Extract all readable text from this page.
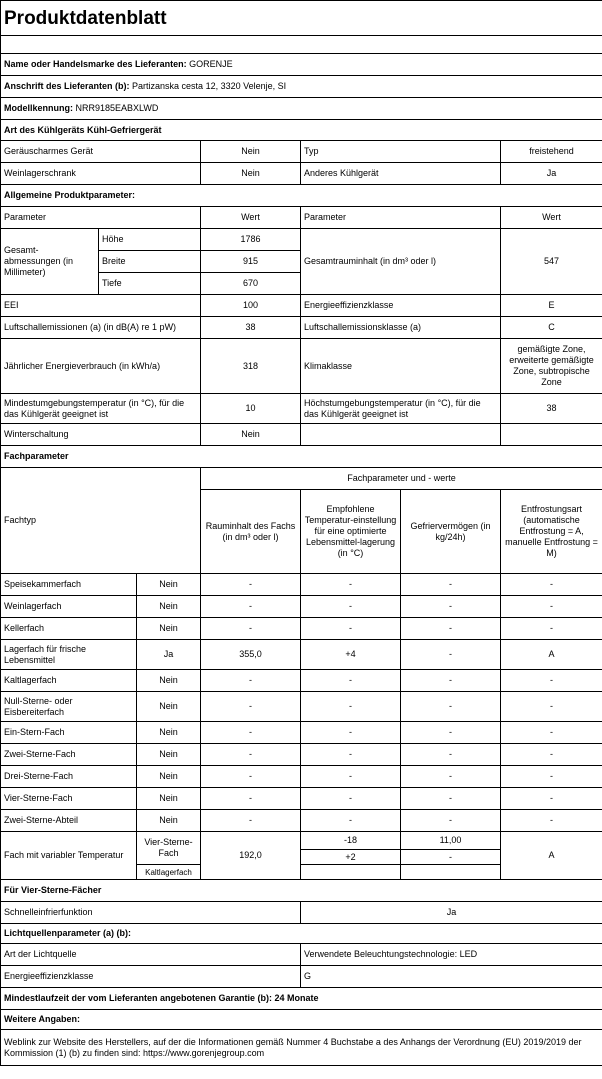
Produktdatenblatt						

Name oder Handelsmarke des Lieferanten: GORENJE						
Anschrift des Lieferanten (b): Partizanska cesta 12, 3320 Velenje, SI						
Modellkennung: NRR9185EABXLWD						
Art des Kühlgeräts Kühl-Gefriergerät						
Geräuscharmes Gerät			Nein	Typ		freistehend
Weinlagerschrank			Nein	Anderes Kühlgerät		Ja
Allgemeine Produktparameter:						
Parameter			Wert	Parameter		Wert
Gesamt-abmessungen (in Millimeter)	Höhe		1786	Gesamtrauminhalt (in dm³ oder l)		547
	Breite		915			
	Tiefe		670			
EEI			100	Energieeffizienzklasse		E
Luftschallemissionen (a) (in dB(A) re 1 pW)			38	Luftschallemissionsklasse (a)		C
Jährlicher Energieverbrauch (in kWh/a)			318	Klimaklasse		gemäßigte Zone, erweiterte gemäßigte Zone, subtropische Zone
Mindestumgebungstemperatur (in °C), für die das Kühlgerät geeignet ist			10	Höchstumgebungstemperatur (in °C), für die das Kühlgerät geeignet ist		38
Winterschaltung			Nein			
Fachparameter						
Fachtyp			Fachparameter und - werte			
			Rauminhalt des Fachs (in dm³ oder l)	Empfohlene Temperatur-einstellung für eine optimierte Lebensmittel-lagerung (in °C)	Gefriervermögen (in kg/24h)	Entfrostungsart (automatische Entfrostung = A, manuelle Entfrostung = M)
Speisekammerfach		Nein	-	-	-	-
Weinlagerfach		Nein	-	-	-	-
Kellerfach		Nein	-	-	-	-
Lagerfach für frische Lebensmittel		Ja	355,0	+4	-	A
Kaltlagerfach		Nein	-	-	-	-
Null-Sterne- oder Eisbereiterfach		Nein	-	-	-	-
Ein-Stern-Fach		Nein	-	-	-	-
Zwei-Sterne-Fach		Nein	-	-	-	-
Drei-Sterne-Fach		Nein	-	-	-	-
Vier-Sterne-Fach		Nein	-	-	-	-
Zwei-Sterne-Abteil		Nein	-	-	-	-
Fach mit variabler Temperatur		Vier-Sterne-Fach	192,0	-18	11,00	A
				+2	-	
		Kaltlagerfach				
Für Vier-Sterne-Fächer						
Schnelleinfrierfunktion				Ja		
Lichtquellenparameter (a) (b):						
Art der Lichtquelle				Verwendete Beleuchtungstechnologie: LED		
Energieeffizienzklasse				G		
Mindestlaufzeit der vom Lieferanten angebotenen Garantie (b): 24 Monate						
Weitere Angaben:						
Weblink zur Website des Herstellers, auf der die Informationen gemäß Nummer 4 Buchstabe a des Anhangs der Verordnung (EU) 2019/2019 der Kommission (1) (b) zu finden sind: https://www.gorenjegroup.com						
